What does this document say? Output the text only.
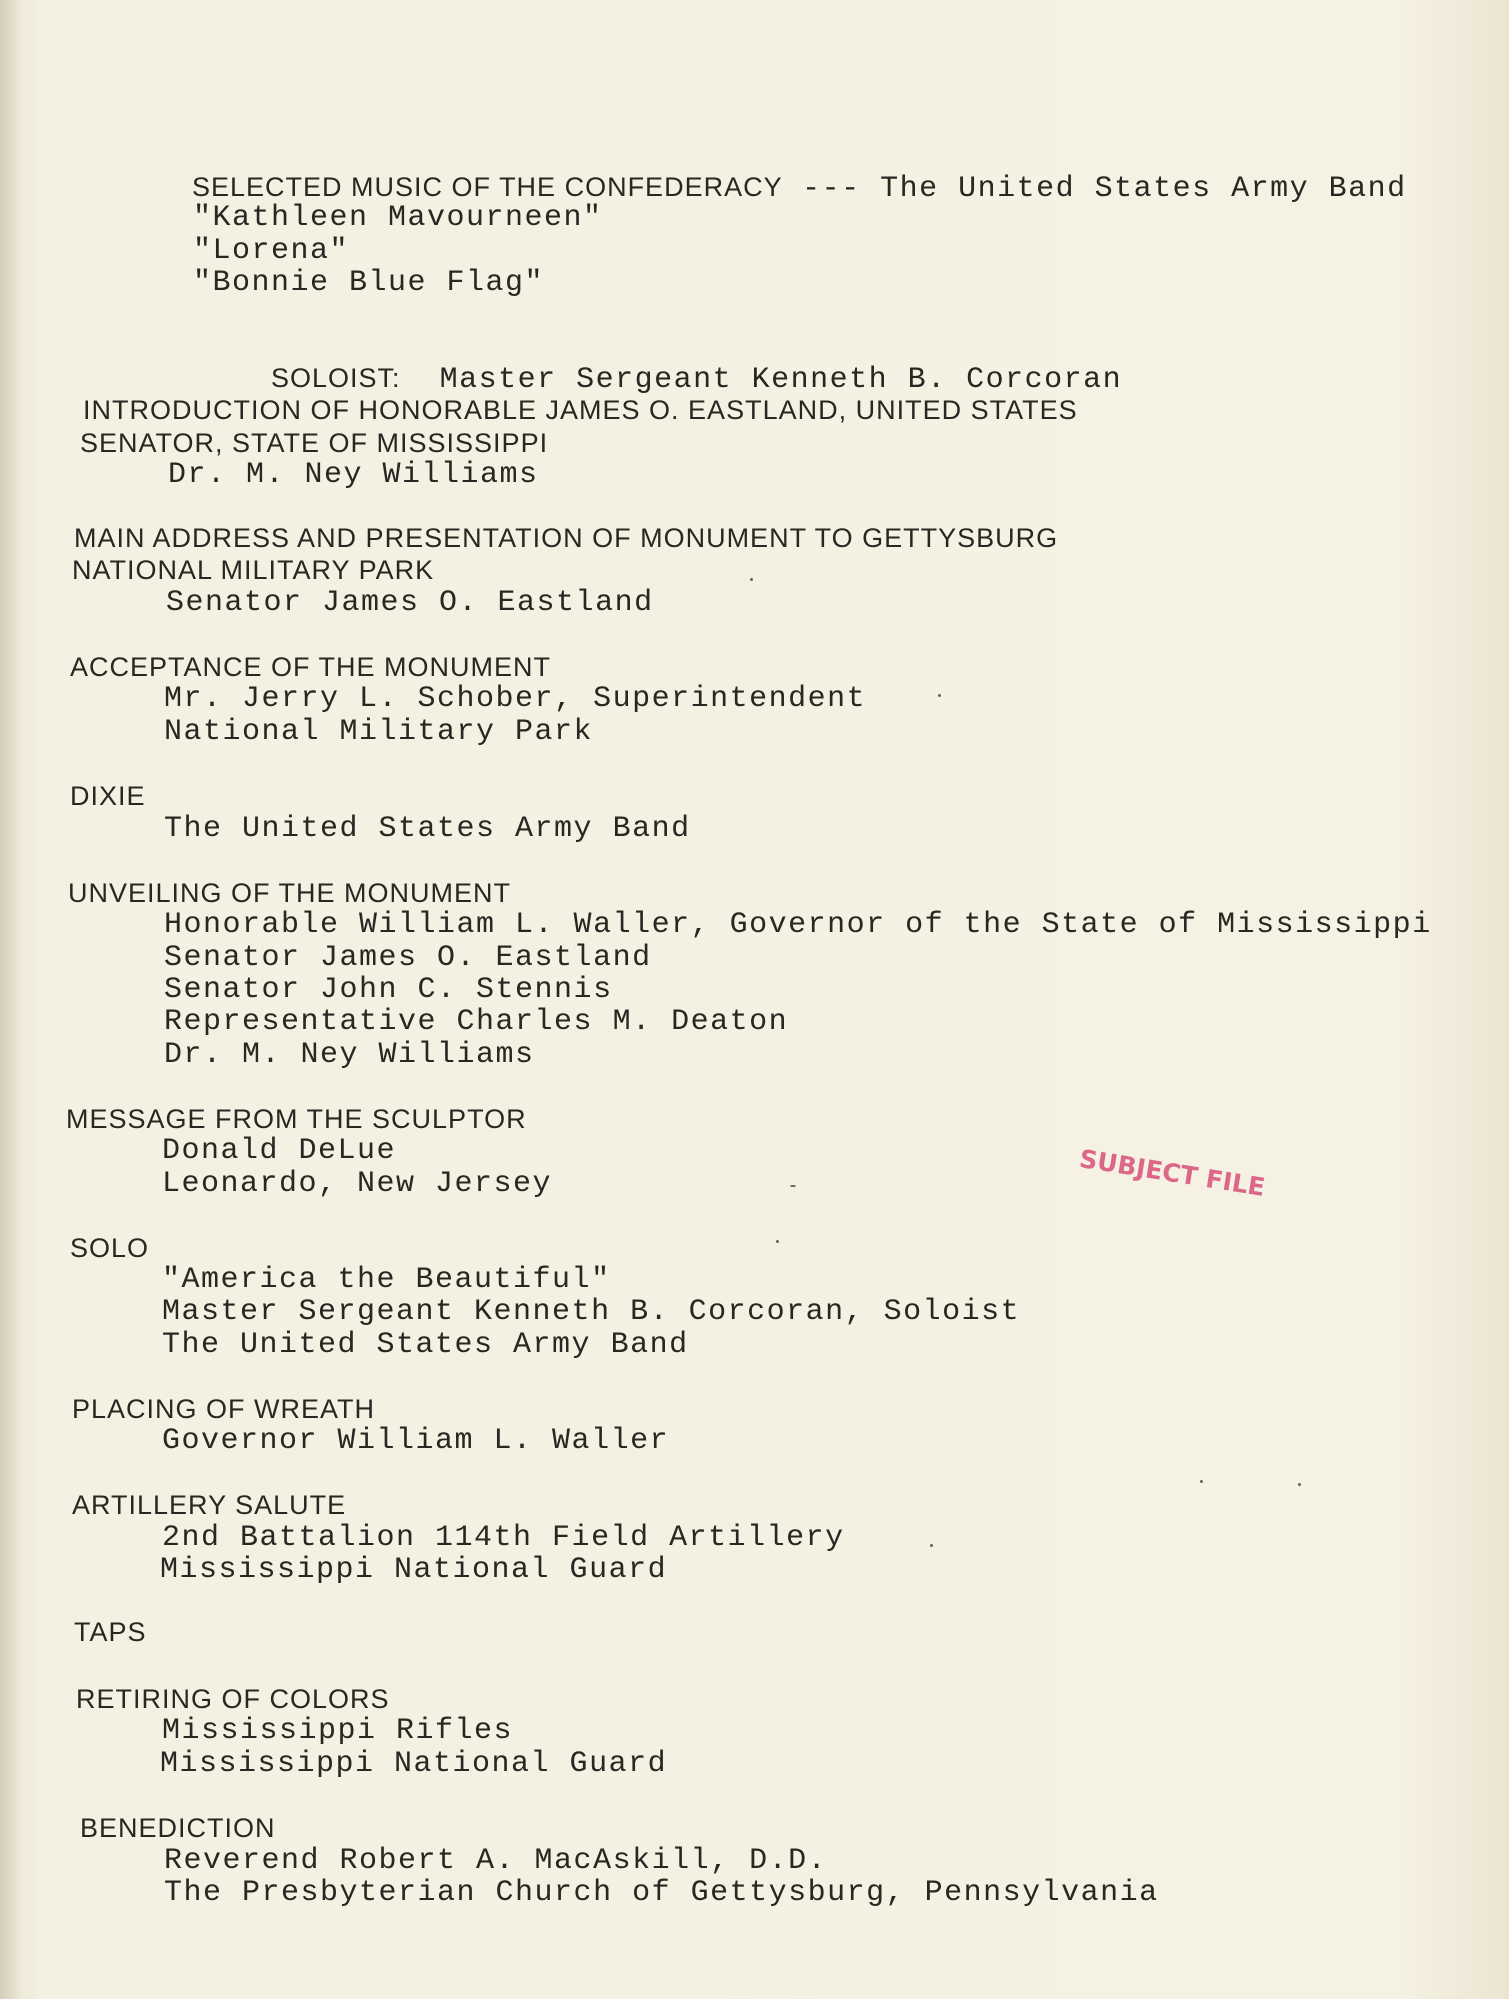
SELECTED MUSIC OF THE CONFEDERACY --- The United States Army Band

"Kathleen Mavourneen"
"Lorena"
"Bonnie Blue Flag"

SOLOIST: Master Sergeant Kenneth B. Corcoran

INTRODUCTION OF HONORABLE JAMES O. EASTLAND, UNITED STATES
SENATOR, STATE OF MISSISSIPPI
Dr. M. Ney Williams
MAIN ADDRESS AND PRESENTATION OF MONUMENT TO GETTYSBURG
NATIONAL MILITARY PARK
Senator James O. Eastland
ACCEPTANCE OF THE MONUMENT
Mr. Jerry L. Schober, Superintendent
National Military Park
DIXIE
The United States Army Band
UNVEILING OF THE MONUMENT
Honorable William L. Waller, Governor of the State of Mississippi
Senator James O. Eastland
Senator John C. Stennis
Representative Charles M. Deaton
Dr. M. Ney Williams
MESSAGE FROM THE SCULPTOR
Donald DeLue
Leonardo, New Jersey
SOLO
"America the Beautiful"
Master Sergeant Kenneth B. Corcoran, Soloist
The United States Army Band
PLACING OF WREATH
Governor William L. Waller
ARTILLERY SALUTE
2nd Battalion 114th Field Artillery
Mississippi National Guard
TAPS
RETIRING OF COLORS
Mississippi Rifles
Mississippi National Guard
BENEDICTION
Reverend Robert A. MacAskill, D.D.
The Presbyterian Church of Gettysburg, Pennsylvania
SUBJECT FILE
